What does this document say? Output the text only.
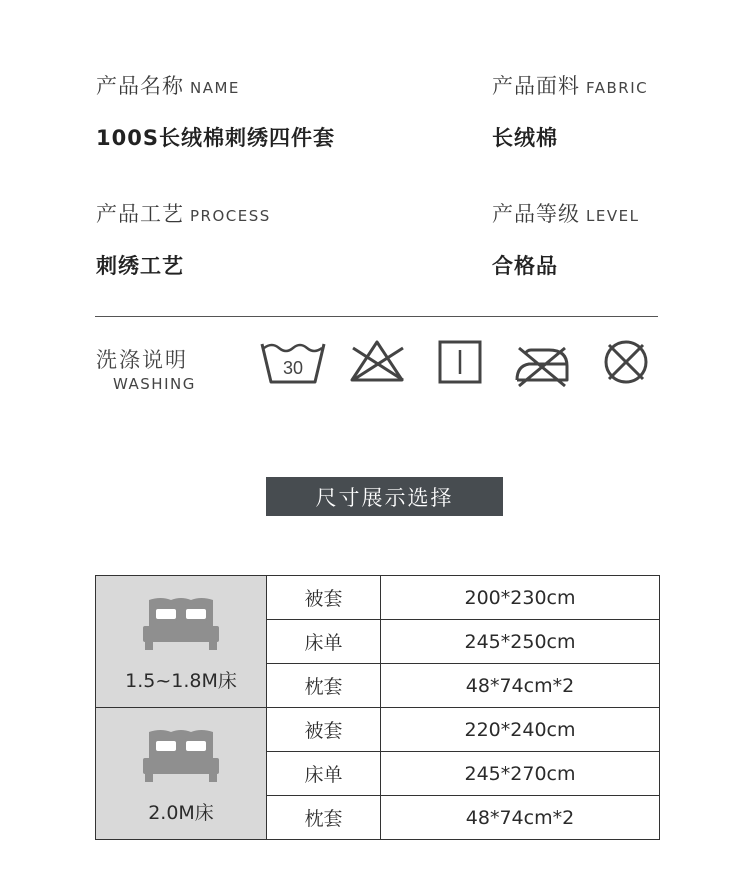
产品名称 NAME
100S长绒棉刺绣四件套
产品面料 FABRIC
长绒棉
产品工艺 PROCESS
刺绣工艺
产品等级 LEVEL
合格品
洗涤说明
WASHING
30
尺寸展示选择
1.5~1.8M床	被套	200*230cm
	床单	245*250cm
	枕套	48*74cm*2

2.0M床	被套	220*240cm
	床单	245*270cm
	枕套	48*74cm*2
